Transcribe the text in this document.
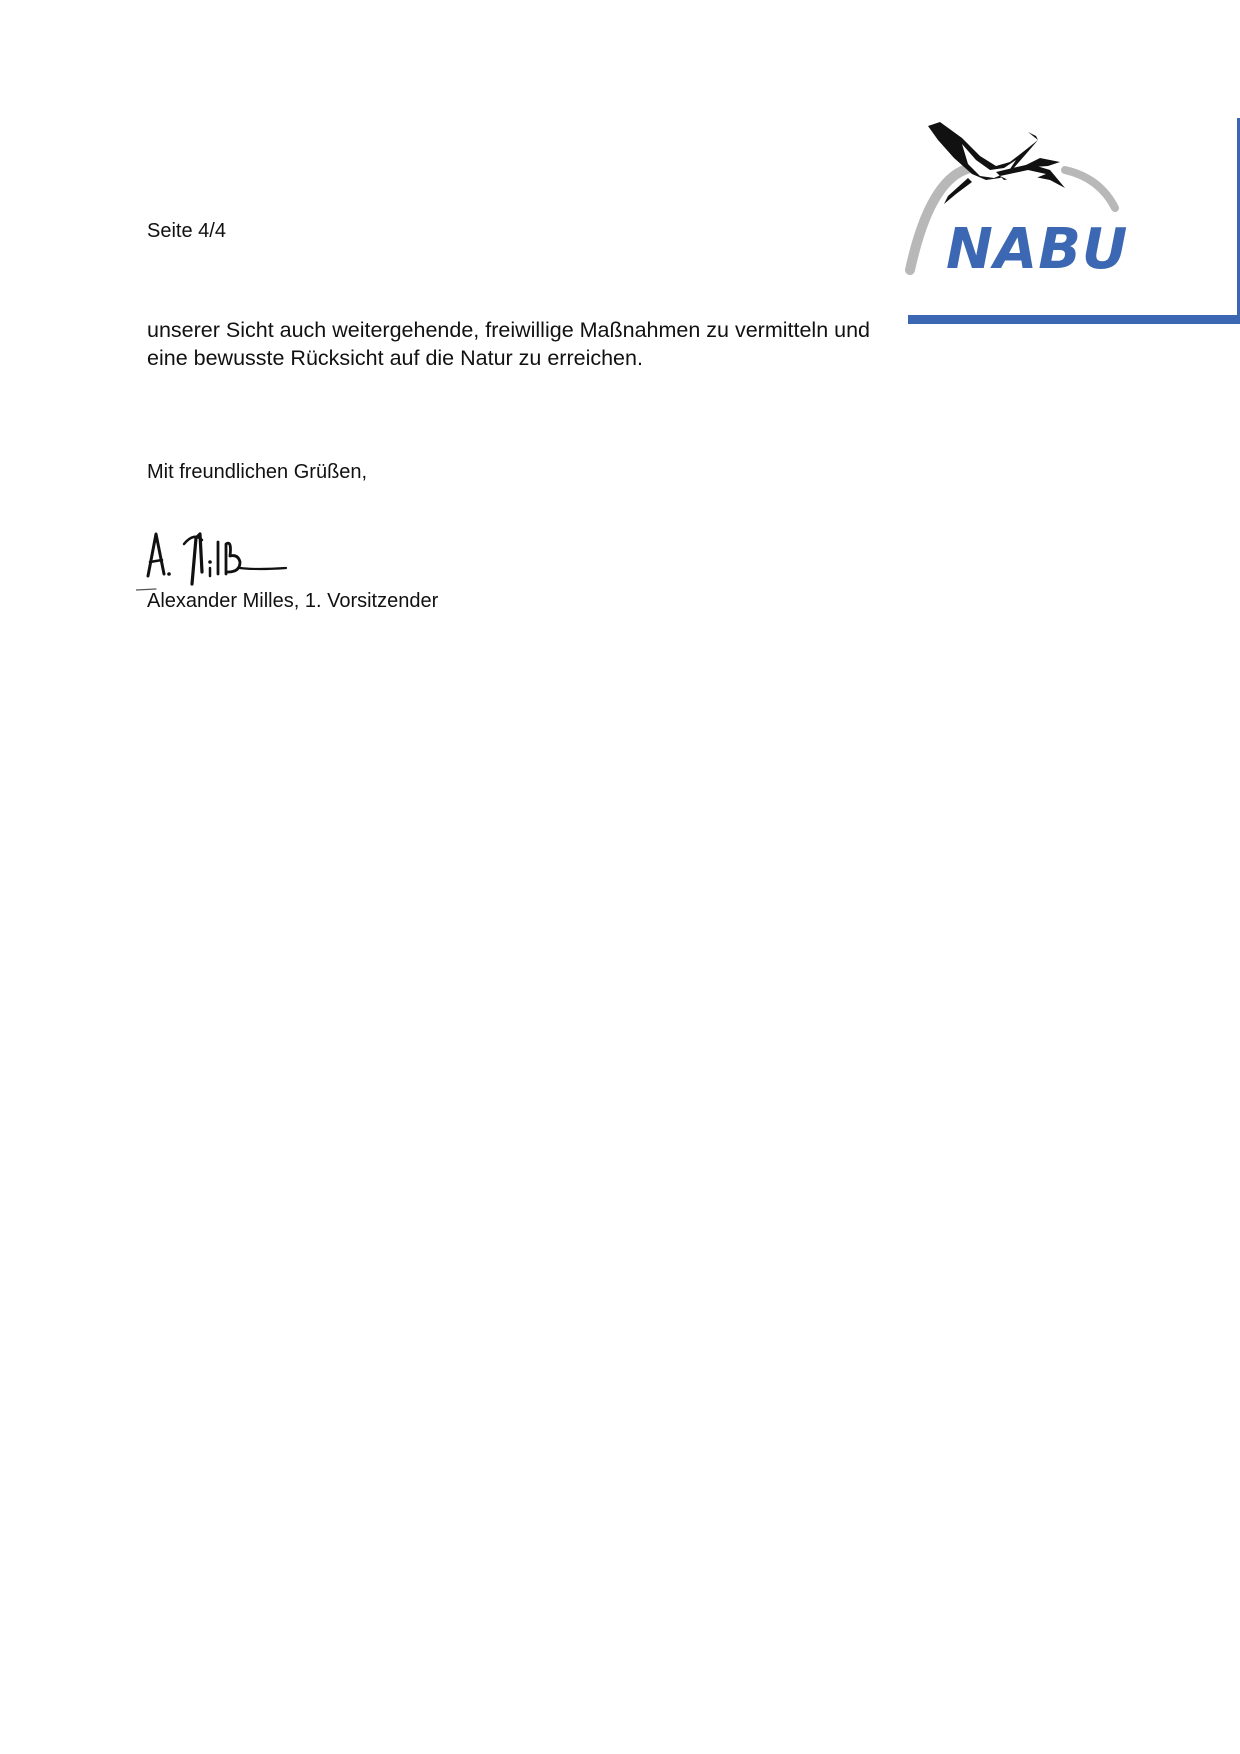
NABU
Seite 4/4

unserer Sicht auch weitergehende, freiwillige Maßnahmen zu vermitteln und
eine bewusste Rücksicht auf die Natur zu erreichen.

Mit freundlichen Grüßen,
Alexander Milles, 1. Vorsitzender
